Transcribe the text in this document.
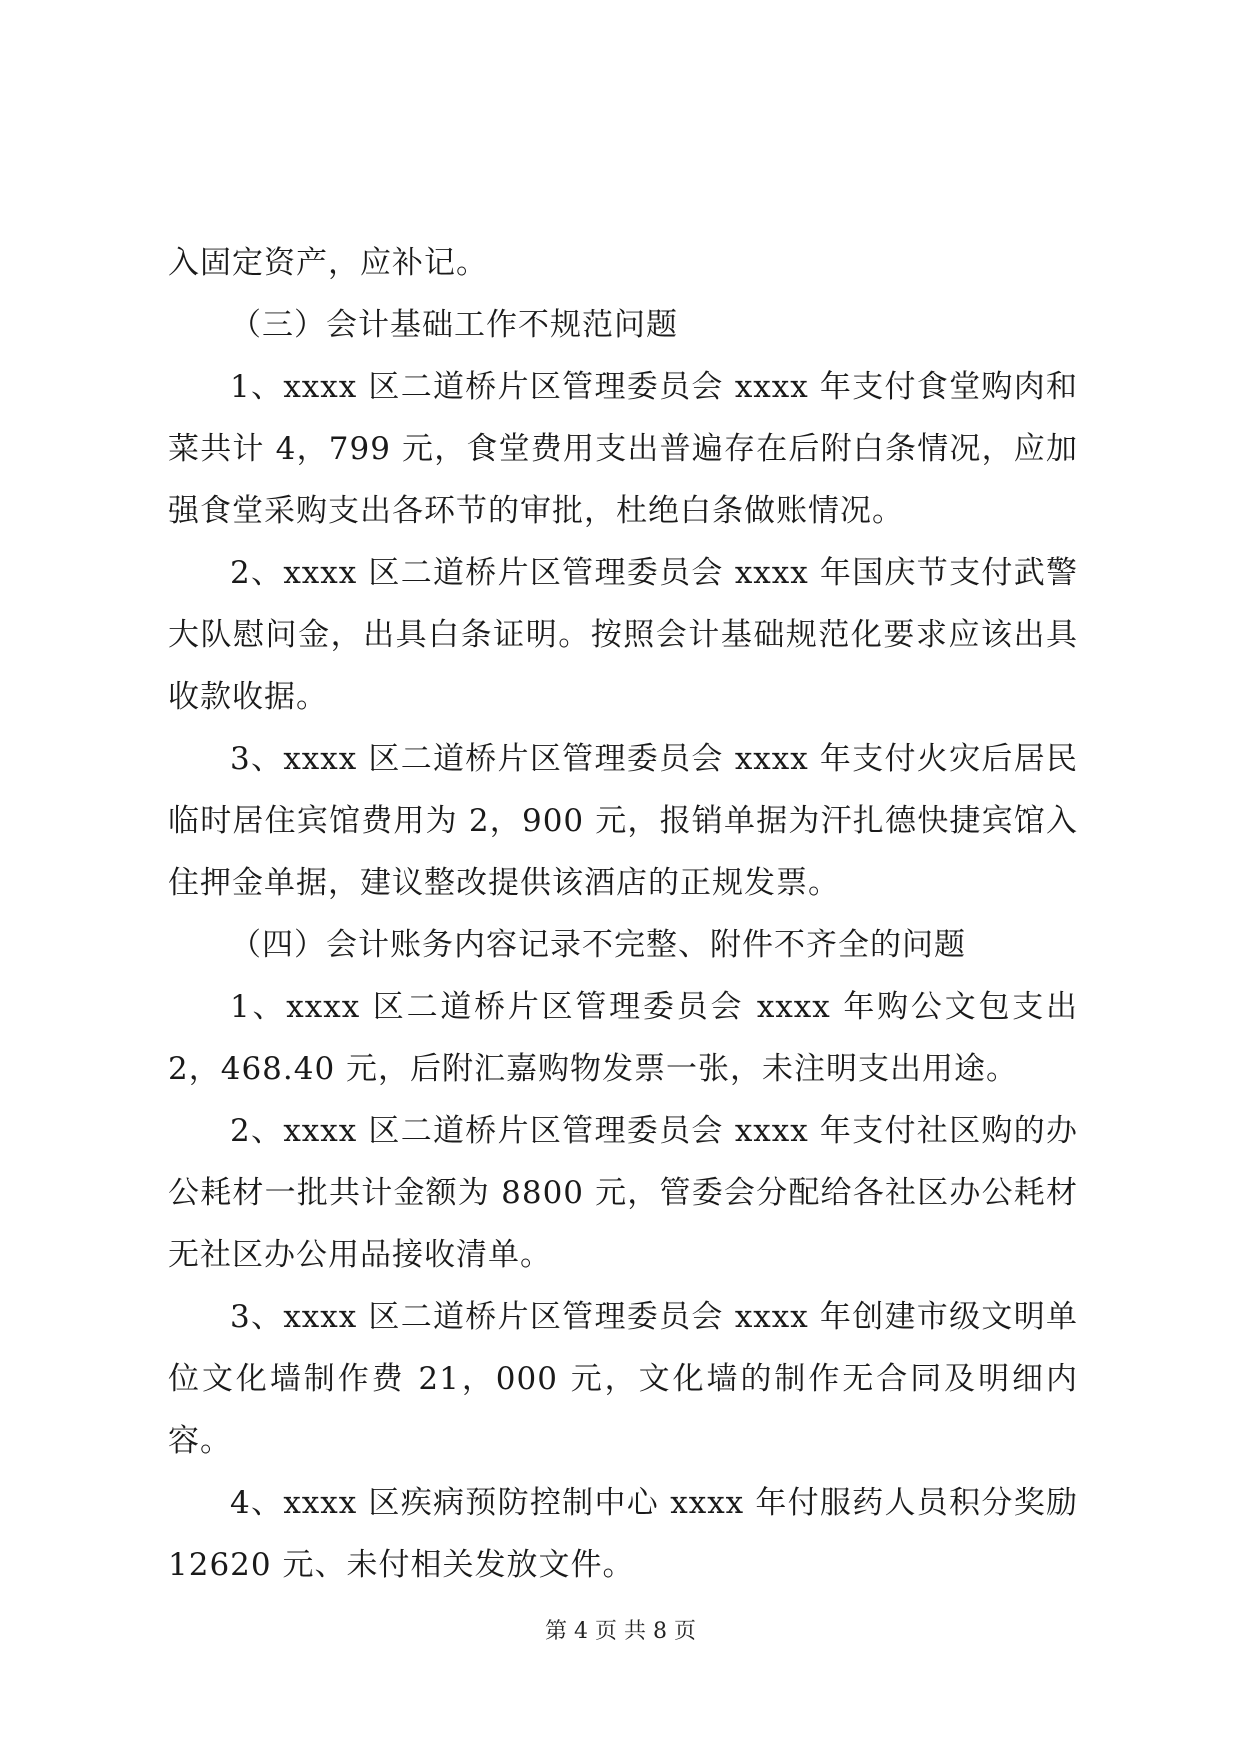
入固定资产，应补记。

（三）会计基础工作不规范问题

1、xxxx 区二道桥片区管理委员会 xxxx 年支付食堂购肉和菜共计 4，799 元，食堂费用支出普遍存在后附白条情况，应加强食堂采购支出各环节的审批，杜绝白条做账情况。

2、xxxx 区二道桥片区管理委员会 xxxx 年国庆节支付武警大队慰问金，出具白条证明。按照会计基础规范化要求应该出具收款收据。

3、xxxx 区二道桥片区管理委员会 xxxx 年支付火灾后居民临时居住宾馆费用为 2，900 元，报销单据为汗扎德快捷宾馆入住押金单据，建议整改提供该酒店的正规发票。

（四）会计账务内容记录不完整、附件不齐全的问题

1、xxxx 区二道桥片区管理委员会 xxxx 年购公文包支出 2，468.40 元，后附汇嘉购物发票一张，未注明支出用途。

2、xxxx 区二道桥片区管理委员会 xxxx 年支付社区购的办公耗材一批共计金额为 8800 元，管委会分配给各社区办公耗材无社区办公用品接收清单。

3、xxxx 区二道桥片区管理委员会 xxxx 年创建市级文明单位文化墙制作费 21，000 元，文化墙的制作无合同及明细内容。

4、xxxx 区疾病预防控制中心 xxxx 年付服药人员积分奖励12620 元、未付相关发放文件。

第 4 页 共 8 页
